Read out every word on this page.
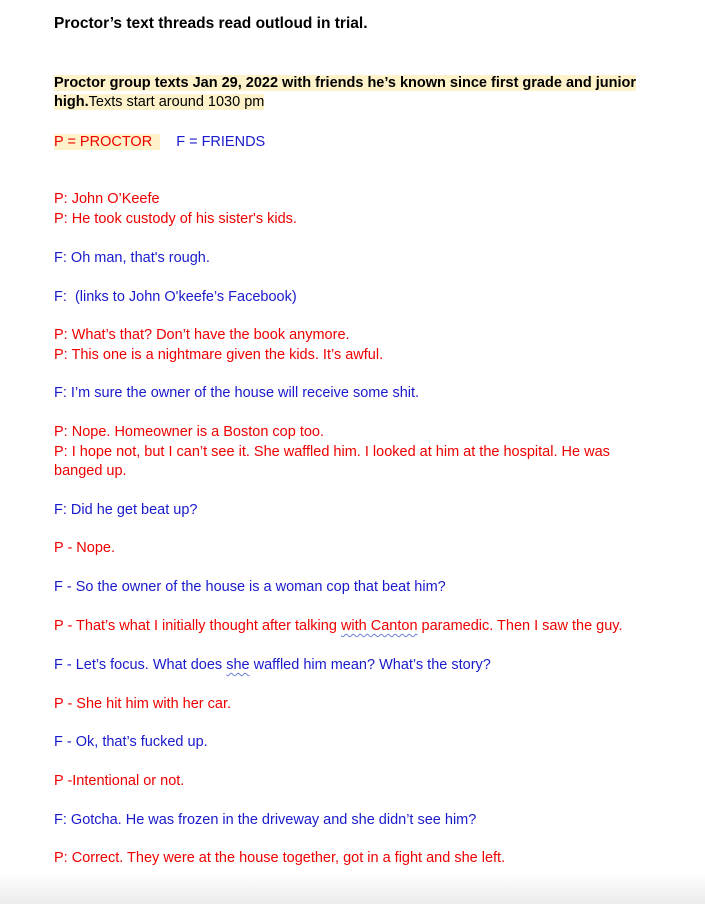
Proctor’s text threads read outloud in trial.
Proctor group texts Jan 29, 2022 with friends he’s known since first grade and junior high.Texts start around 1030 pm
P = PROCTOR F = FRIENDS
P: John O’Keefe
P: He took custody of his sister's kids.
F: Oh man, that's rough.
F:  (links to John O'keefe’s Facebook)
P: What’s that? Don’t have the book anymore.
P: This one is a nightmare given the kids. It’s awful.
F: I’m sure the owner of the house will receive some shit.
P: Nope. Homeowner is a Boston cop too.
P: I hope not, but I can’t see it. She waffled him. I looked at him at the hospital. He was banged up.
F: Did he get beat up?
P - Nope.
F - So the owner of the house is a woman cop that beat him?
P - That’s what I initially thought after talking with Canton paramedic. Then I saw the guy.
F - Let’s focus. What does she waffled him mean? What’s the story?
P - She hit him with her car.
F - Ok, that’s fucked up.
P -Intentional or not.
F: Gotcha. He was frozen in the driveway and she didn’t see him?
P: Correct. They were at the house together, got in a fight and she left.
